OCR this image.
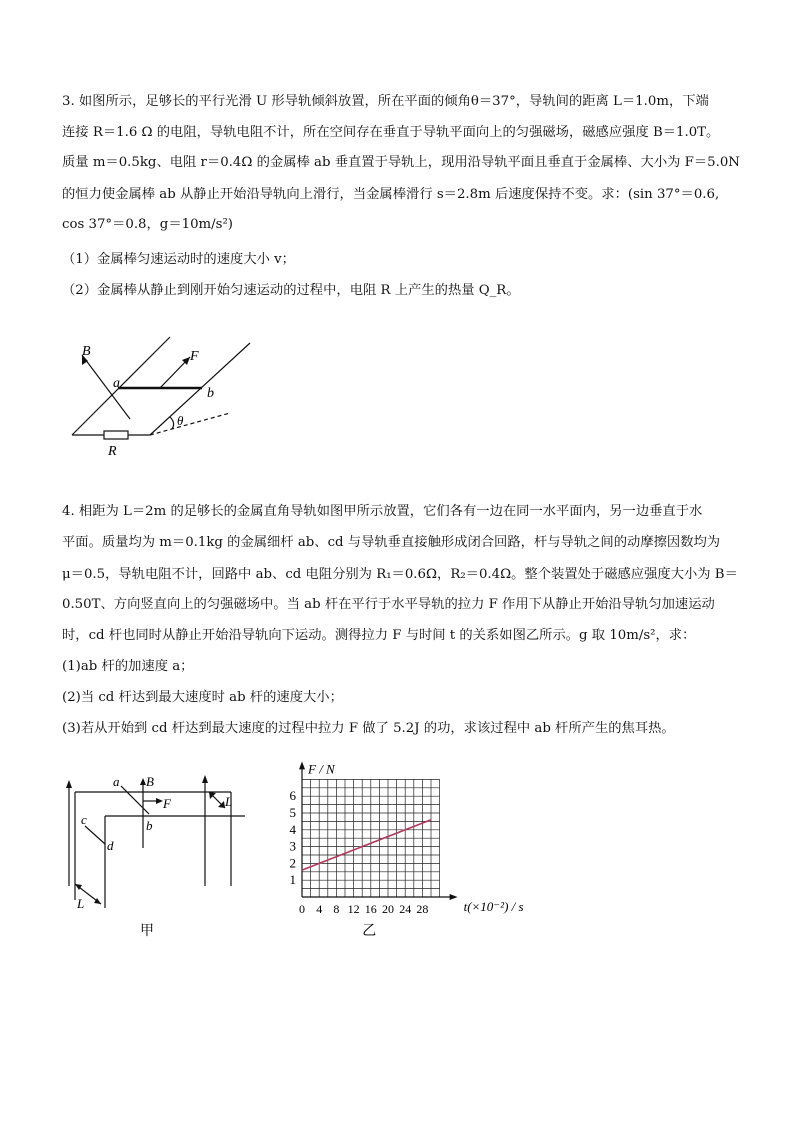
3. 如图所示，足够长的平行光滑 U 形导轨倾斜放置，所在平面的倾角θ＝37°，导轨间的距离 L＝1.0m，下端
连接 R＝1.6 Ω 的电阻，导轨电阻不计，所在空间存在垂直于导轨平面向上的匀强磁场，磁感应强度 B＝1.0T。
质量 m＝0.5kg、电阻 r＝0.4Ω 的金属棒 ab 垂直置于导轨上，现用沿导轨平面且垂直于金属棒、大小为 F＝5.0N
的恒力使金属棒 ab 从静止开始沿导轨向上滑行，当金属棒滑行 s＝2.8m 后速度保持不变。求：(sin 37°＝0.6,
cos 37°＝0.8，g＝10m/s²)
（1）金属棒匀速运动时的速度大小 v；
（2）金属棒从静止到刚开始匀速运动的过程中，电阻 R 上产生的热量 Q_R。
B	F
a
b
θ
R
4. 相距为 L＝2m 的足够长的金属直角导轨如图甲所示放置，它们各有一边在同一水平面内，另一边垂直于水
平面。质量均为 m＝0.1kg 的金属细杆 ab、cd 与导轨垂直接触形成闭合回路，杆与导轨之间的动摩擦因数均为
μ＝0.5，导轨电阻不计，回路中 ab、cd 电阻分别为 R₁＝0.6Ω，R₂＝0.4Ω。整个装置处于磁感应强度大小为 B＝
0.50T、方向竖直向上的匀强磁场中。当 ab 杆在平行于水平导轨的拉力 F 作用下从静止开始沿导轨匀加速运动
时，cd 杆也同时从静止开始沿导轨向下运动。测得拉力 F 与时间 t 的关系如图乙所示。g 取 10m/s²，求：
(1)ab 杆的加速度 a；
(2)当 cd 杆达到最大速度时 ab 杆的速度大小；
(3)若从开始到 cd 杆达到最大速度的过程中拉力 F 做了 5.2J 的功，求该过程中 ab 杆所产生的焦耳热。
a B
F
b
c
d
L
L
甲
F / N
t(×10⁻²) / s
0 4 8 12 16 20 24 28
1
2
3
4
5
6
乙
